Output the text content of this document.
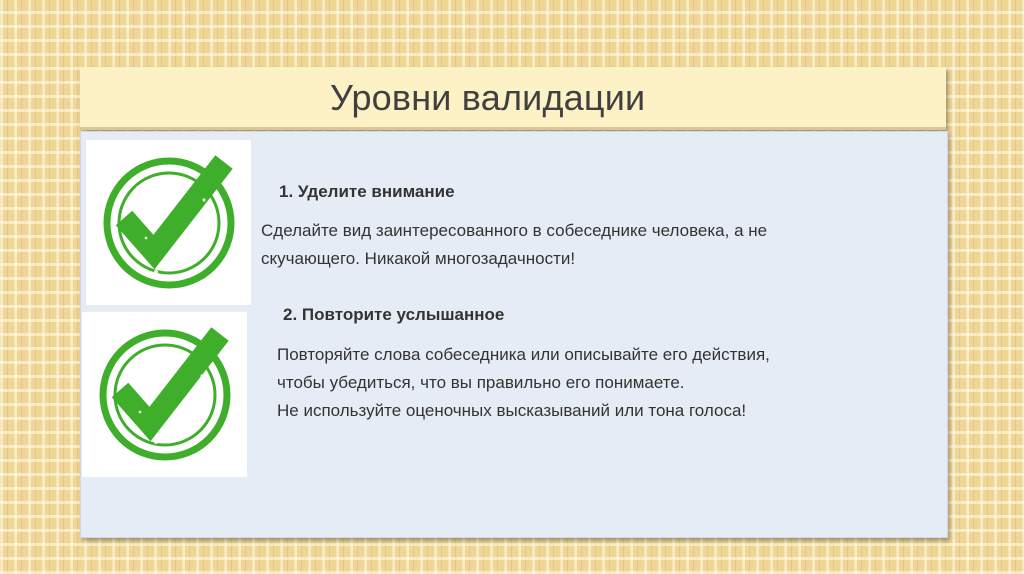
Уровни валидации
1. Уделите внимание
Сделайте вид заинтересованного в собеседнике человека, а не
скучающего. Никакой многозадачности!
2. Повторите услышанное
Повторяйте слова собеседника или описывайте его действия,
чтобы убедиться, что вы правильно его понимаете.
Не используйте оценочных высказываний или тона голоса!
